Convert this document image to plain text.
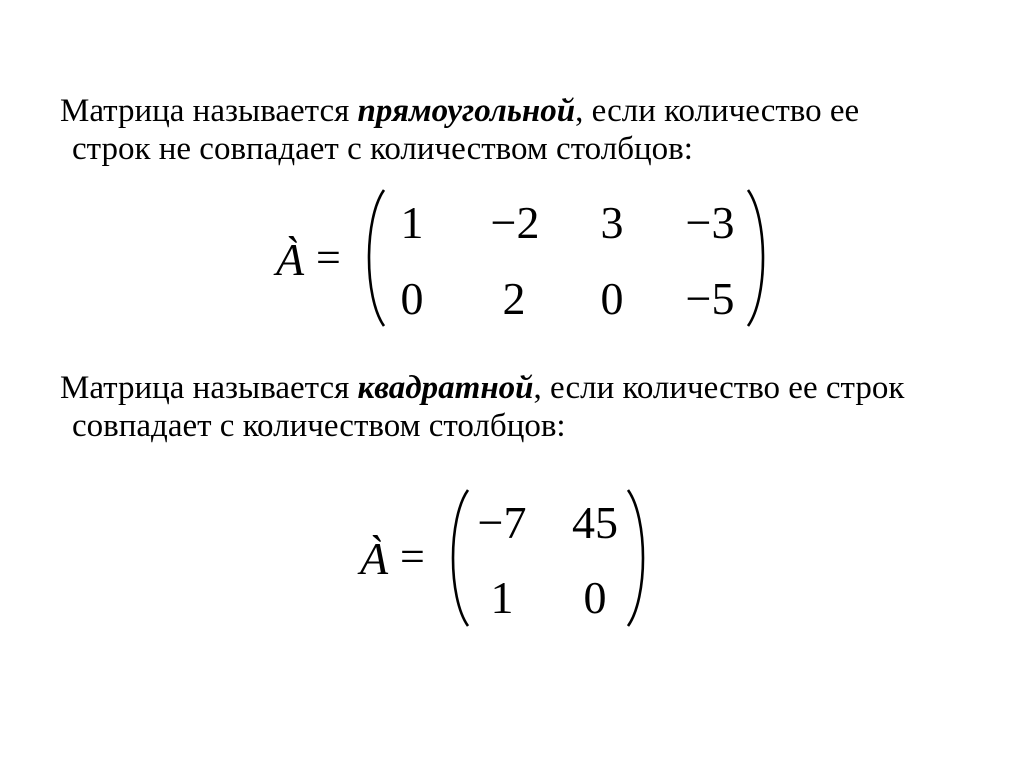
Матрица называется прямоугольной, если количество ее
строк не совпадает с количеством столбцов:
À =
1 −2 3 −3
0 2 0 −5
Матрица называется квадратной, если количество ее строк
совпадает с количеством столбцов:
À =
−7 45
1	0
